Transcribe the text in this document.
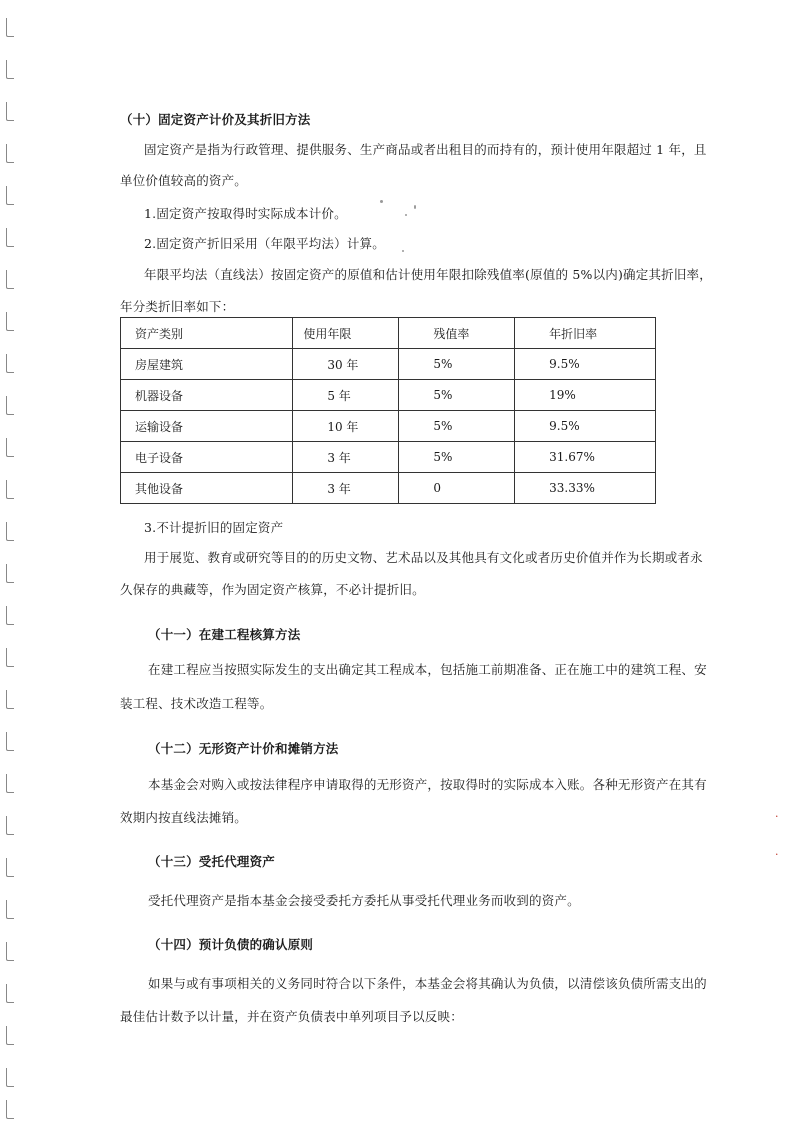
·
·
（十）固定资产计价及其折旧方法
固定资产是指为行政管理、提供服务、生产商品或者出租目的而持有的，预计使用年限超过 1 年，且
单位价值较高的资产。
1.固定资产按取得时实际成本计价。
2.固定资产折旧采用（年限平均法）计算。
年限平均法（直线法）按固定资产的原值和估计使用年限扣除残值率(原值的 5%以内)确定其折旧率，
年分类折旧率如下：
资产类别	使用年限	残值率	年折旧率

房屋建筑	30 年	5%	9.5%

机器设备	5 年	5%	19%

运输设备	10 年	5%	9.5%

电子设备	3 年	5%	31.67%

其他设备	3 年	0	33.33%
3.不计提折旧的固定资产
用于展览、教育或研究等目的的历史文物、艺术品以及其他具有文化或者历史价值并作为长期或者永
久保存的典藏等，作为固定资产核算，不必计提折旧。
（十一）在建工程核算方法
在建工程应当按照实际发生的支出确定其工程成本，包括施工前期准备、正在施工中的建筑工程、安
装工程、技术改造工程等。
（十二）无形资产计价和摊销方法
本基金会对购入或按法律程序申请取得的无形资产，按取得时的实际成本入账。各种无形资产在其有
效期内按直线法摊销。
（十三）受托代理资产
受托代理资产是指本基金会接受委托方委托从事受托代理业务而收到的资产。
（十四）预计负债的确认原则
如果与或有事项相关的义务同时符合以下条件，本基金会将其确认为负债，以清偿该负债所需支出的
最佳估计数予以计量，并在资产负债表中单列项目予以反映：
